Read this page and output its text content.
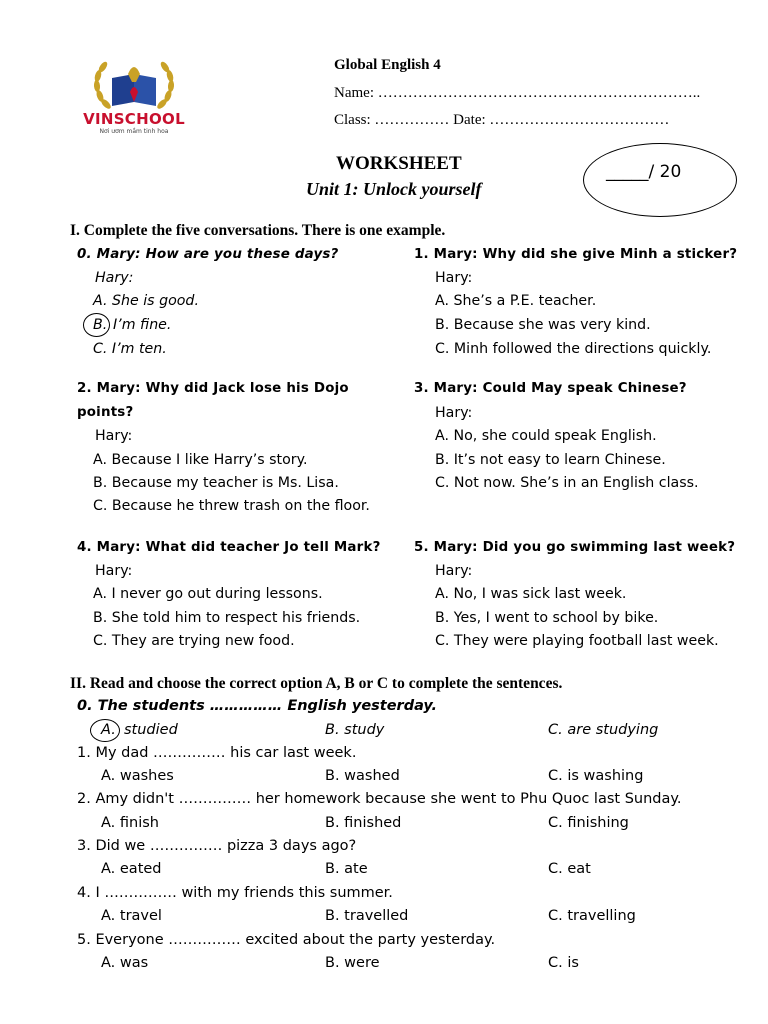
VINSCHOOL
Nơi ươm mầm tinh hoa
Global English 4
Name: ………………………………………………………..
Class: …………… Date: ………………………………
WORKSHEET
Unit 1: Unlock yourself
_____/ 20
I. Complete the five conversations. There is one example.
0. Mary: How are you these days?
Hary:
A. She is good.
B. I’m fine.
C. I’m ten.
1. Mary: Why did she give Minh a sticker?
Hary:
A. She’s a P.E. teacher.
B. Because she was very kind.
C. Minh followed the directions quickly.
2. Mary: Why did Jack lose his Dojo
points?
Hary:
A. Because I like Harry’s story.
B. Because my teacher is Ms. Lisa.
C. Because he threw trash on the floor.
3. Mary: Could May speak Chinese?
Hary:
A. No, she could speak English.
B. It’s not easy to learn Chinese.
C. Not now. She’s in an English class.
4. Mary: What did teacher Jo tell Mark?
Hary:
A. I never go out during lessons.
B. She told him to respect his friends.
C. They are trying new food.
5. Mary: Did you go swimming last week?
Hary:
A. No, I was sick last week.
B. Yes, I went to school by bike.
C. They were playing football last week.
II. Read and choose the correct option A, B or C to complete the sentences.
0. The students …………… English yesterday.
A. studied	B. study	C. are studying
1. My dad …………… his car last week.
A. washes	B. washed	C. is washing
2. Amy didn't …………… her homework because she went to Phu Quoc last Sunday.
A. finish	B. finished	C. finishing
3. Did we …………… pizza 3 days ago?
A. eated	B. ate	C. eat
4. I …………… with my friends this summer.
A. travel	B. travelled	C. travelling
5. Everyone …………… excited about the party yesterday.
A. was	B. were	C. is
